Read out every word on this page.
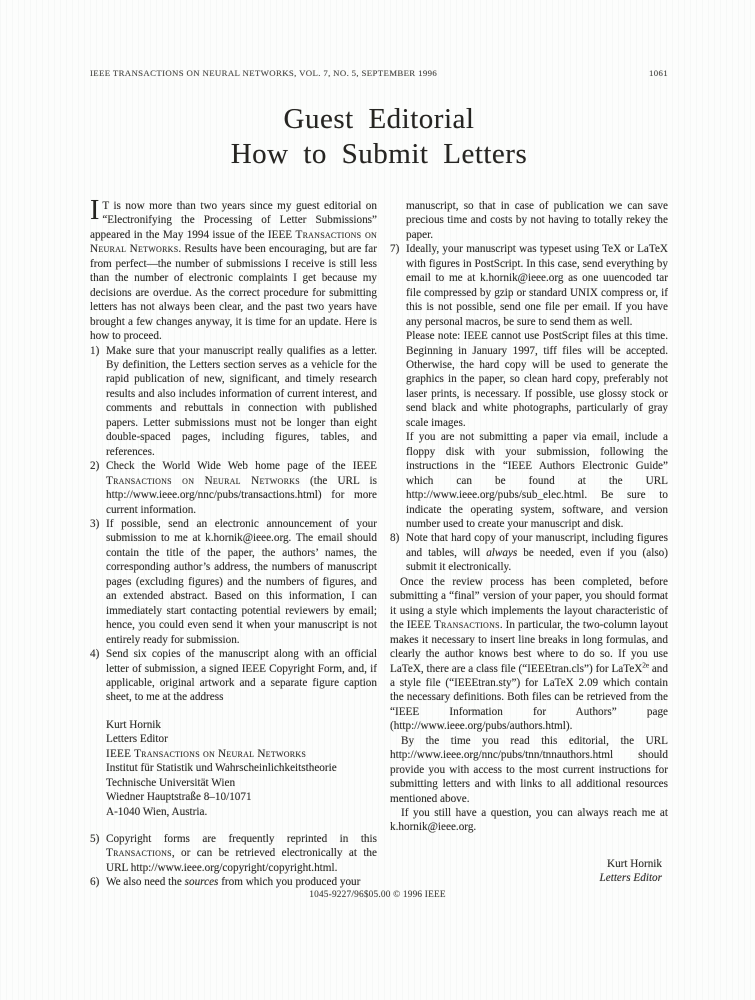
IEEE TRANSACTIONS ON NEURAL NETWORKS, VOL. 7, NO. 5, SEPTEMBER 1996	1061
Guest Editorial
How to Submit Letters
I T is now more than two years since my guest editorial on “Electronifying the Processing of Letter Submissions” appeared in the May 1994 issue of the IEEE Transactions on Neural Networks. Results have been encouraging, but are far from perfect—the number of submissions I receive is still less than the number of electronic complaints I get because my decisions are overdue. As the correct procedure for submitting letters has not always been clear, and the past two years have brought a few changes anyway, it is time for an update. Here is how to proceed.
1) Make sure that your manuscript really qualifies as a letter. By definition, the Letters section serves as a vehicle for the rapid publication of new, significant, and timely research results and also includes information of current interest, and comments and rebuttals in connection with published papers. Letter submissions must not be longer than eight double-spaced pages, including figures, tables, and references.
2) Check the World Wide Web home page of the IEEE Transactions on Neural Networks (the URL is http://www.ieee.org/nnc/pubs/transactions.html) for more current information.
3) If possible, send an electronic announcement of your submission to me at k.hornik@ieee.org. The email should contain the title of the paper, the authors’ names, the corresponding author’s address, the numbers of manuscript pages (excluding figures) and the numbers of figures, and an extended abstract. Based on this information, I can immediately start contacting potential reviewers by email; hence, you could even send it when your manuscript is not entirely ready for submission.
4) Send six copies of the manuscript along with an official letter of submission, a signed IEEE Copyright Form, and, if applicable, original artwork and a separate figure caption sheet, to me at the address
Kurt Hornik
Letters Editor
IEEE Transactions on Neural Networks
Institut für Statistik und Wahrscheinlichkeitstheorie
Technische Universität Wien
Wiedner Hauptstraße 8–10/1071
A-1040 Wien, Austria.
5) Copyright forms are frequently reprinted in this Transactions, or can be retrieved electronically at the URL http://www.ieee.org/copyright/copyright.html.
6) We also need the sources from which you produced your
manuscript, so that in case of publication we can save precious time and costs by not having to totally rekey the paper.
7) Ideally, your manuscript was typeset using TeX or LaTeX with figures in PostScript. In this case, send everything by email to me at k.hornik@ieee.org as one uuencoded tar file compressed by gzip or standard UNIX compress or, if this is not possible, send one file per email. If you have any personal macros, be sure to send them as well.

Please note: IEEE cannot use PostScript files at this time. Beginning in January 1997, tiff files will be accepted. Otherwise, the hard copy will be used to generate the graphics in the paper, so clean hard copy, preferably not laser prints, is necessary. If possible, use glossy stock or send black and white photographs, particularly of gray scale images.

If you are not submitting a paper via email, include a floppy disk with your submission, following the instructions in the “IEEE Authors Electronic Guide” which can be found at the URL http://www.ieee.org/pubs/sub_elec.html. Be sure to indicate the operating system, software, and version number used to create your manuscript and disk.

8) Note that hard copy of your manuscript, including figures and tables, will always be needed, even if you (also) submit it electronically.
Once the review process has been completed, before submitting a “final” version of your paper, you should format it using a style which implements the layout characteristic of the IEEE Transactions. In particular, the two-column layout makes it necessary to insert line breaks in long formulas, and clearly the author knows best where to do so. If you use LaTeX, there are a class file (“IEEEtran.cls”) for LaTeX$^{2e}$ and a style file (“IEEEtran.sty”) for LaTeX 2.09 which contain the necessary definitions. Both files can be retrieved from the “IEEE Information for Authors” page (http://www.ieee.org/pubs/authors.html).
By the time you read this editorial, the URL http://www.ieee.org/nnc/pubs/tnn/tnnauthors.html should provide you with access to the most current instructions for submitting letters and with links to all additional resources mentioned above.
If you still have a question, you can always reach me at k.hornik@ieee.org.
Kurt Hornik
Letters Editor
1045-9227/96$05.00 © 1996 IEEE
